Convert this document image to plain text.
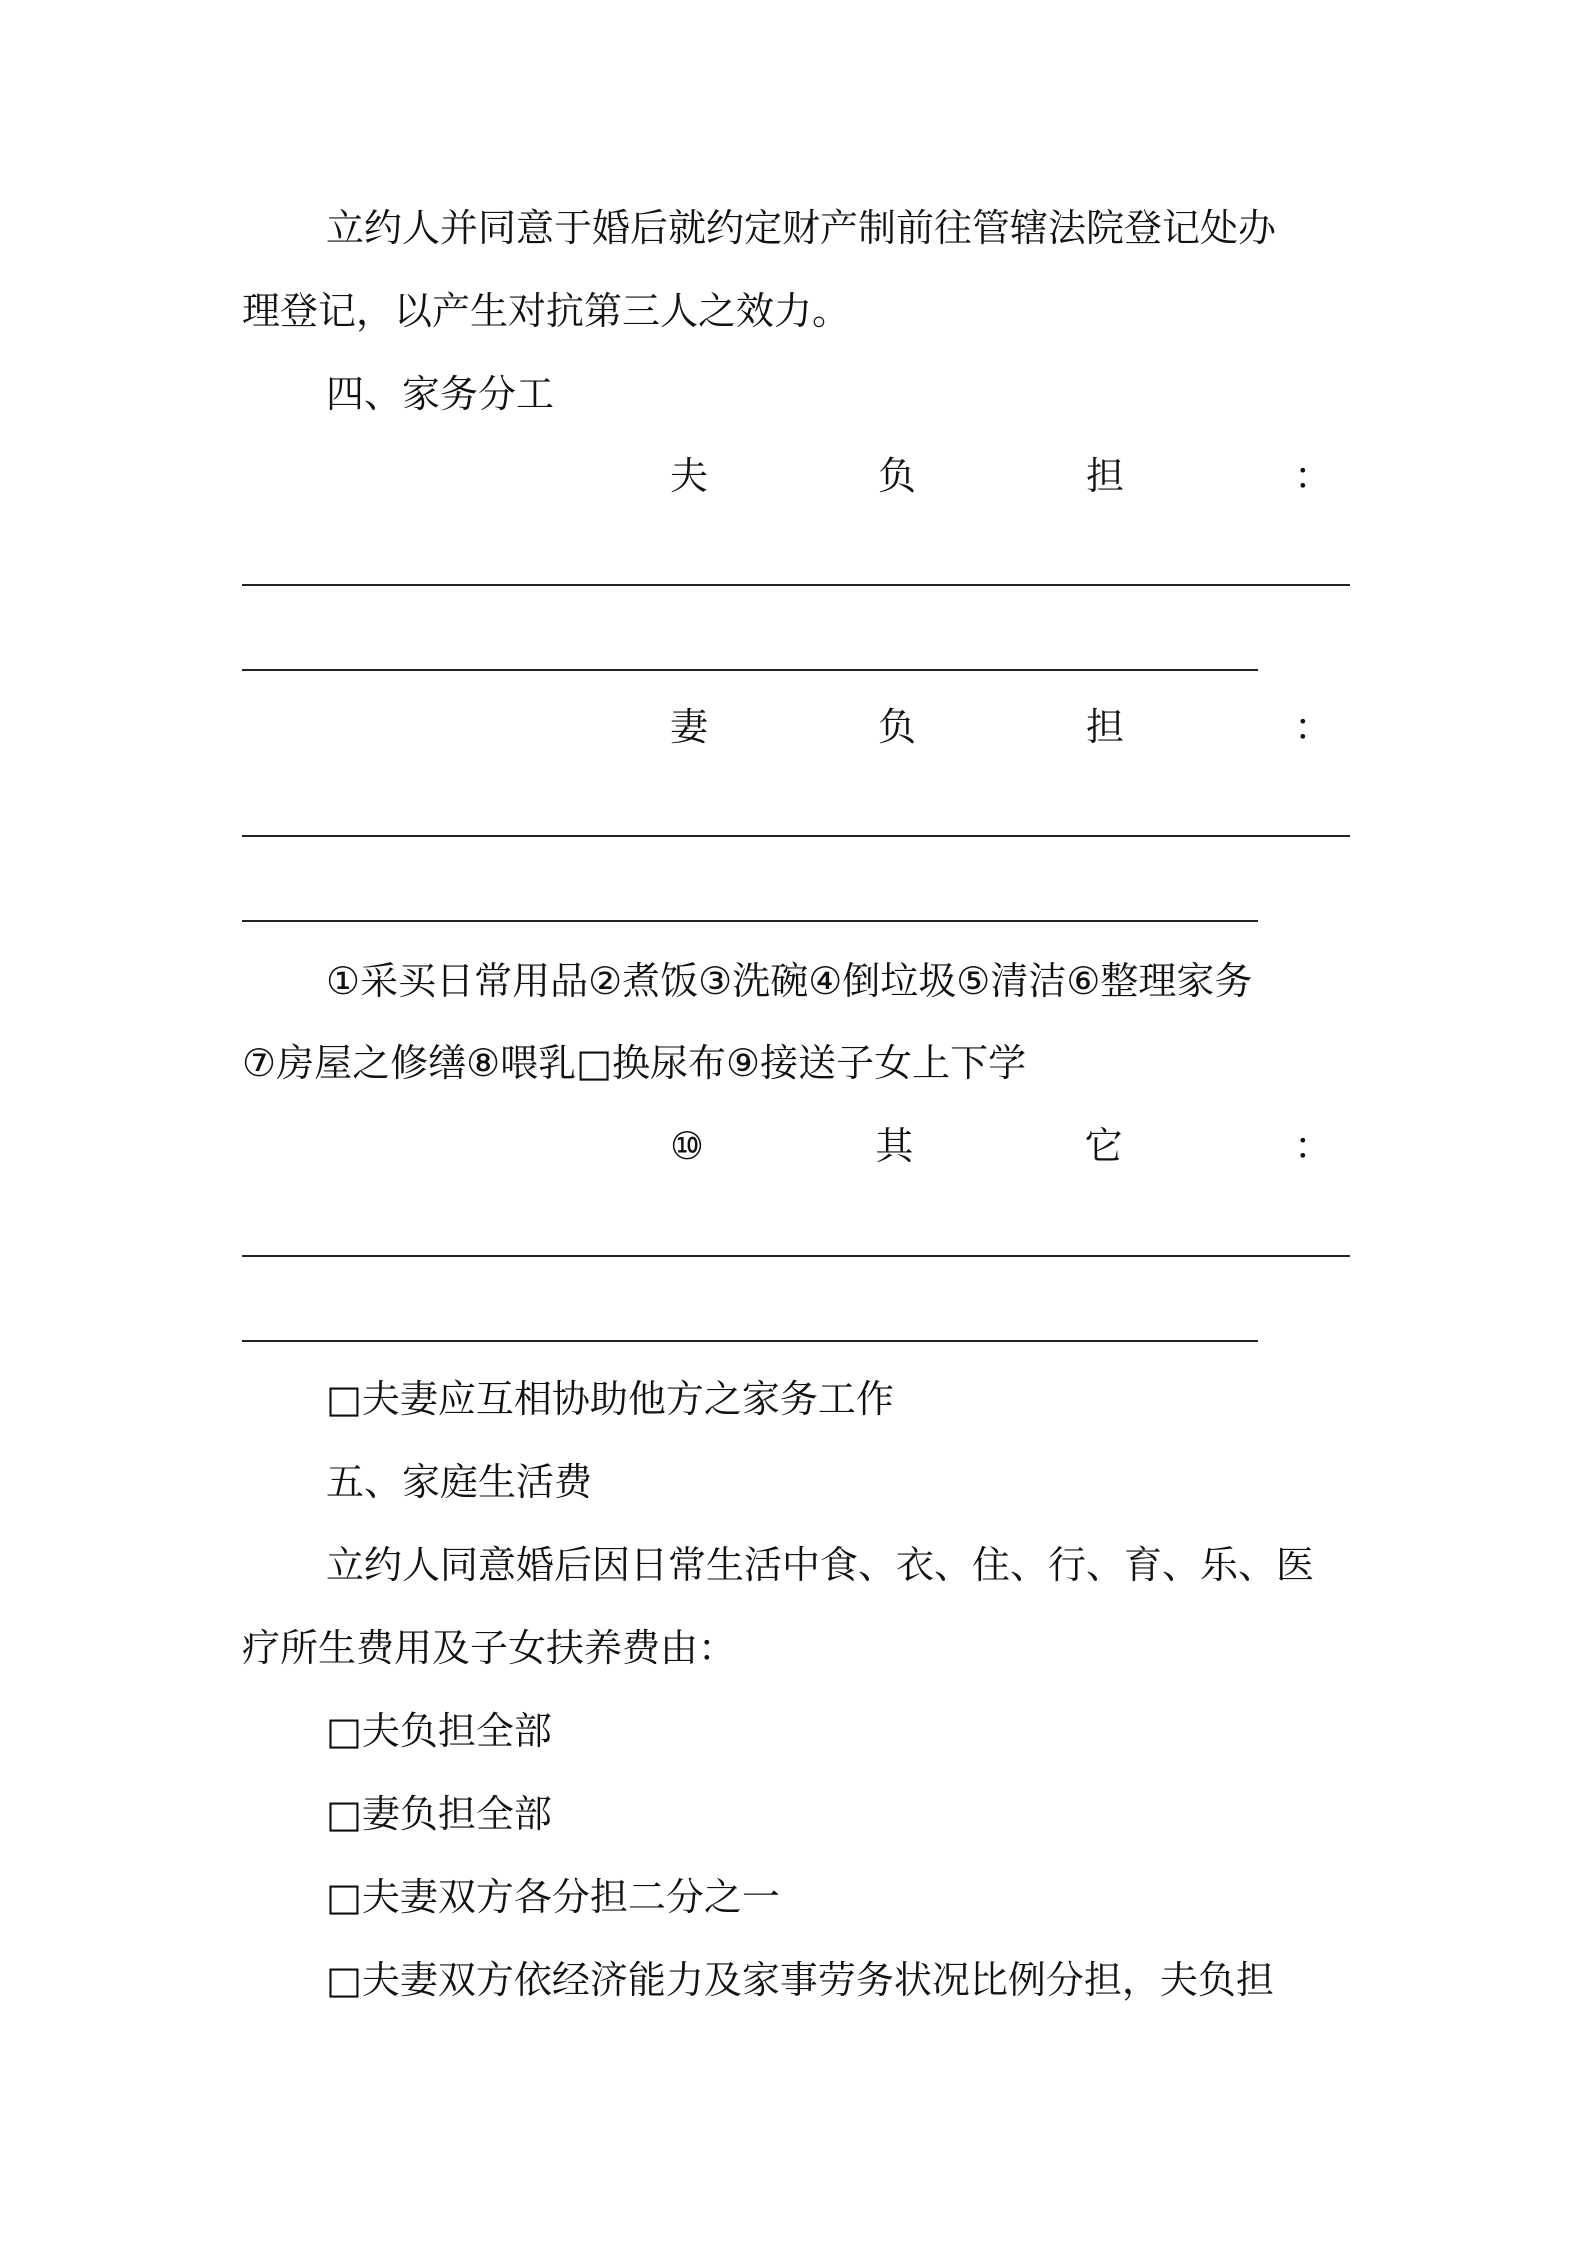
立约人并同意于婚后就约定财产制前往管辖法院登记处办
理登记，以产生对抗第三人之效力。
四、家务分工
夫	负	担	：
妻	负	担	：
①采买日常用品②煮饭③洗碗④倒垃圾⑤清洁⑥整理家务
⑦房屋之修缮⑧喂乳□换尿布⑨接送子女上下学
⑩	其	它	：
□夫妻应互相协助他方之家务工作
五、家庭生活费
立约人同意婚后因日常生活中食、衣、住、行、育、乐、医
疗所生费用及子女扶养费由：
□夫负担全部
□妻负担全部
□夫妻双方各分担二分之一
□夫妻双方依经济能力及家事劳务状况比例分担，夫负担
